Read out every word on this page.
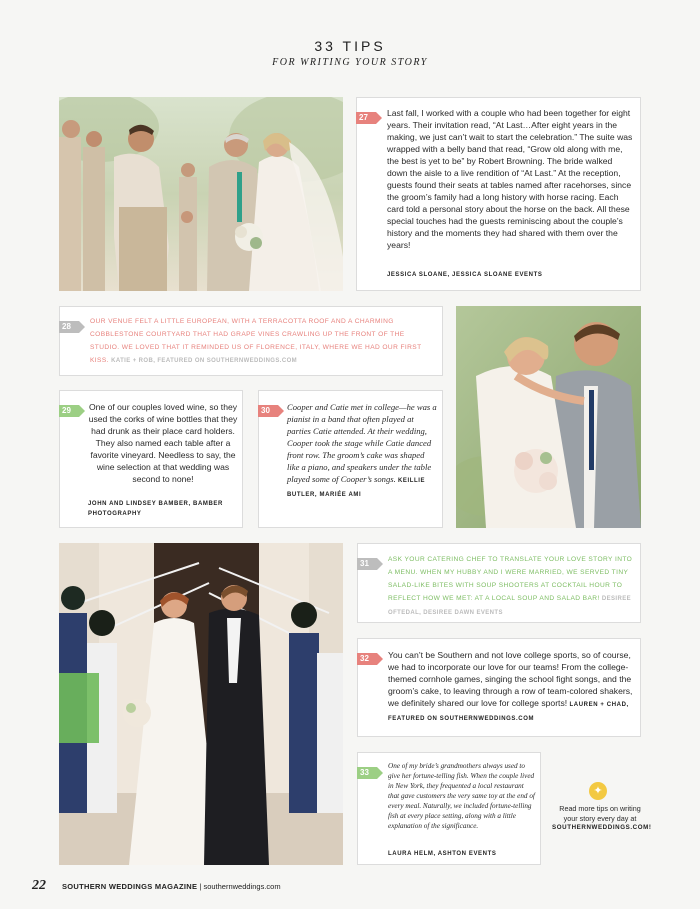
33 TIPS
FOR WRITING YOUR STORY
27	Last fall, I worked with a couple who had been together for eight years. Their invitation read, “At Last…After eight years in the making, we just can’t wait to start the celebration.” The suite was wrapped with a belly band that read, “Grow old along with me, the best is yet to be” by Robert Browning. The bride walked down the aisle to a live rendition of “At Last.” At the reception, guests found their seats at tables named after racehorses, since the groom’s family had a long history with horse racing. Each card told a personal story about the horse on the back. All these special touches had the guests reminiscing about the couple’s history and the moments they had shared with them over the years!
JESSICA SLOANE, JESSICA SLOANE EVENTS
28
OUR VENUE FELT A LITTLE EUROPEAN, WITH A TERRACOTTA ROOF AND A CHARMING COBBLESTONE COURTYARD THAT HAD GRAPE VINES CRAWLING UP THE FRONT OF THE STUDIO. WE LOVED THAT IT REMINDED US OF FLORENCE, ITALY, WHERE WE HAD OUR FIRST KISS. KATIE + ROB, FEATURED ON SOUTHERNWEDDINGS.COM
29	One of our couples loved wine, so they used the corks of wine bottles that they had drunk as their place card holders. They also named each table after a favorite vineyard. Needless to say, the wine selection at that wedding was second to none!
JOHN AND LINDSEY BAMBER, BAMBER PHOTOGRAPHY
30	Cooper and Catie met in college—he was a pianist in a band that often played at parties Catie attended. At their wedding, Cooper took the stage while Catie danced front row. The groom’s cake was shaped like a piano, and speakers under the table played some of Cooper’s songs. KEILLIE BUTLER, MARIÉE AMI
31	ASK YOUR CATERING CHEF TO TRANSLATE YOUR LOVE STORY INTO A MENU. WHEN MY HUBBY AND I WERE MARRIED, WE SERVED TINY SALAD-LIKE BITES WITH SOUP SHOOTERS AT COCKTAIL HOUR TO REFLECT HOW WE MET: AT A LOCAL SOUP AND SALAD BAR! DESIREE OFTEDAL, DESIREE DAWN EVENTS
32	You can’t be Southern and not love college sports, so of course, we had to incorporate our love for our teams! From the college-themed cornhole games, singing the school fight songs, and the groom’s cake, to leaving through a row of team-colored shakers, we definitely shared our love for college sports! LAUREN + CHAD, FEATURED ON SOUTHERNWEDDINGS.COM
33
One of my bride’s grandmothers always used to give her fortune-telling fish. When the couple lived in New York, they frequented a local restaurant that gave customers the very same toy at the end of every meal. Naturally, we included fortune-telling fish at every place setting, along with a little explanation of the significance.
LAURA HELM, ASHTON EVENTS
✦
Read more tips on writing your story every day at
SOUTHERNWEDDINGS.COM!
22 SOUTHERN WEDDINGS MAGAZINE | southernweddings.com
